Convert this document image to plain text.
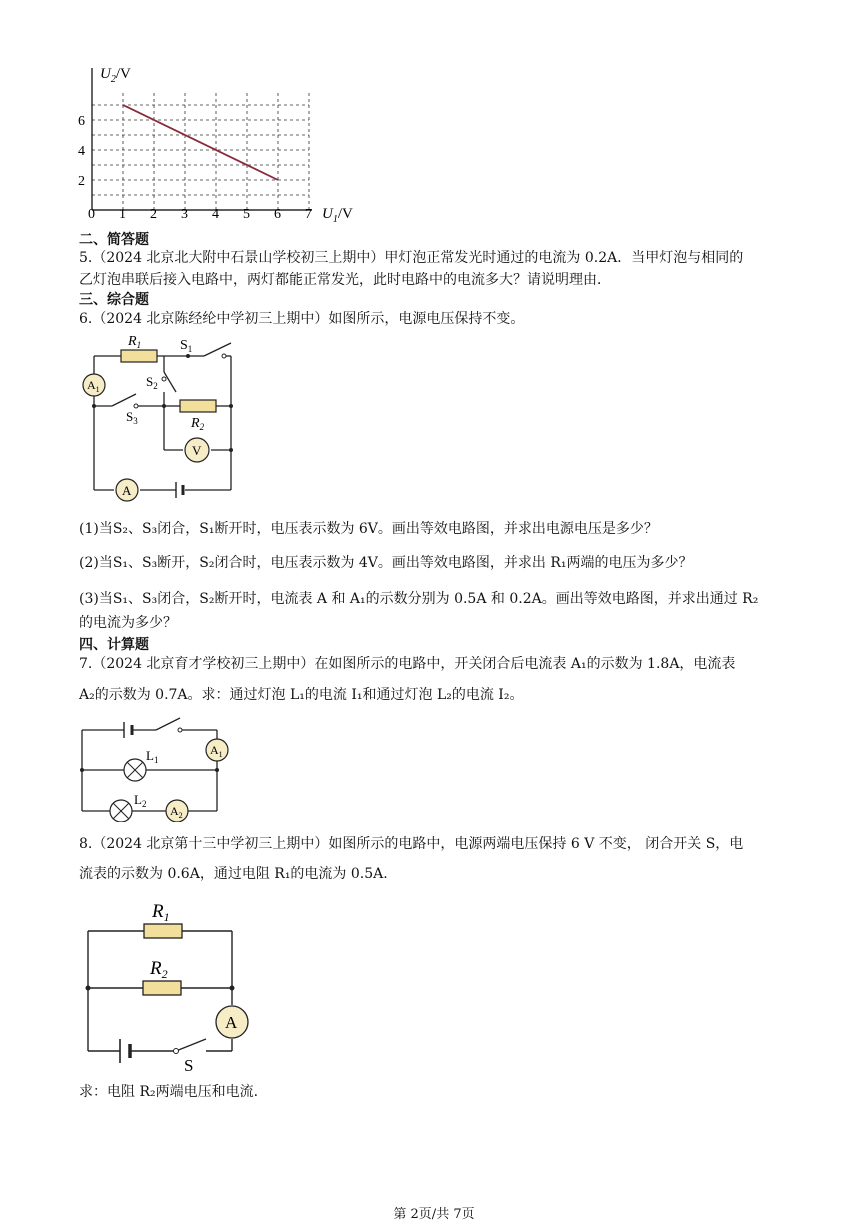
0 1 2 3 4 5 6 7
2
4
6
$U_2/V$
$U_1/V$
二、简答题
5.（2024 北京北大附中石景山学校初三上期中）甲灯泡正常发光时通过的电流为 0.2A．当甲灯泡与相同的
乙灯泡串联后接入电路中，两灯都能正常发光，此时电路中的电流多大？请说明理由．
三、综合题
6.（2024 北京陈经纶中学初三上期中）如图所示，电源电压保持不变。
$R_1$	$S_1$
$S_2$
$S_3$	$R_2$
$A_1$
V
A
(1)当S₂、S₃闭合，S₁断开时，电压表示数为 6V。画出等效电路图，并求出电源电压是多少？
(2)当S₁、S₃断开，S₂闭合时，电压表示数为 4V。画出等效电路图，并求出 R₁两端的电压为多少？
(3)当S₁、S₃闭合，S₂断开时，电流表 A 和 A₁的示数分别为 0.5A 和 0.2A。画出等效电路图，并求出通过 R₂
的电流为多少？
四、计算题
7.（2024 北京育才学校初三上期中）在如图所示的电路中，开关闭合后电流表 A₁的示数为 1.8A，电流表
A₂的示数为 0.7A。求：通过灯泡 L₁的电流 I₁和通过灯泡 L₂的电流 I₂。
$A_1$
$A_2$
$L_1$
$L_2$
8.（2024 北京第十三中学初三上期中）如图所示的电路中，电源两端电压保持 6 V 不变， 闭合开关 S，电
流表的示数为 0.6A，通过电阻 R₁的电流为 0.5A.
$R_1$
$R_2$
A
S
求：电阻 R₂两端电压和电流.
第 2页/共 7页
